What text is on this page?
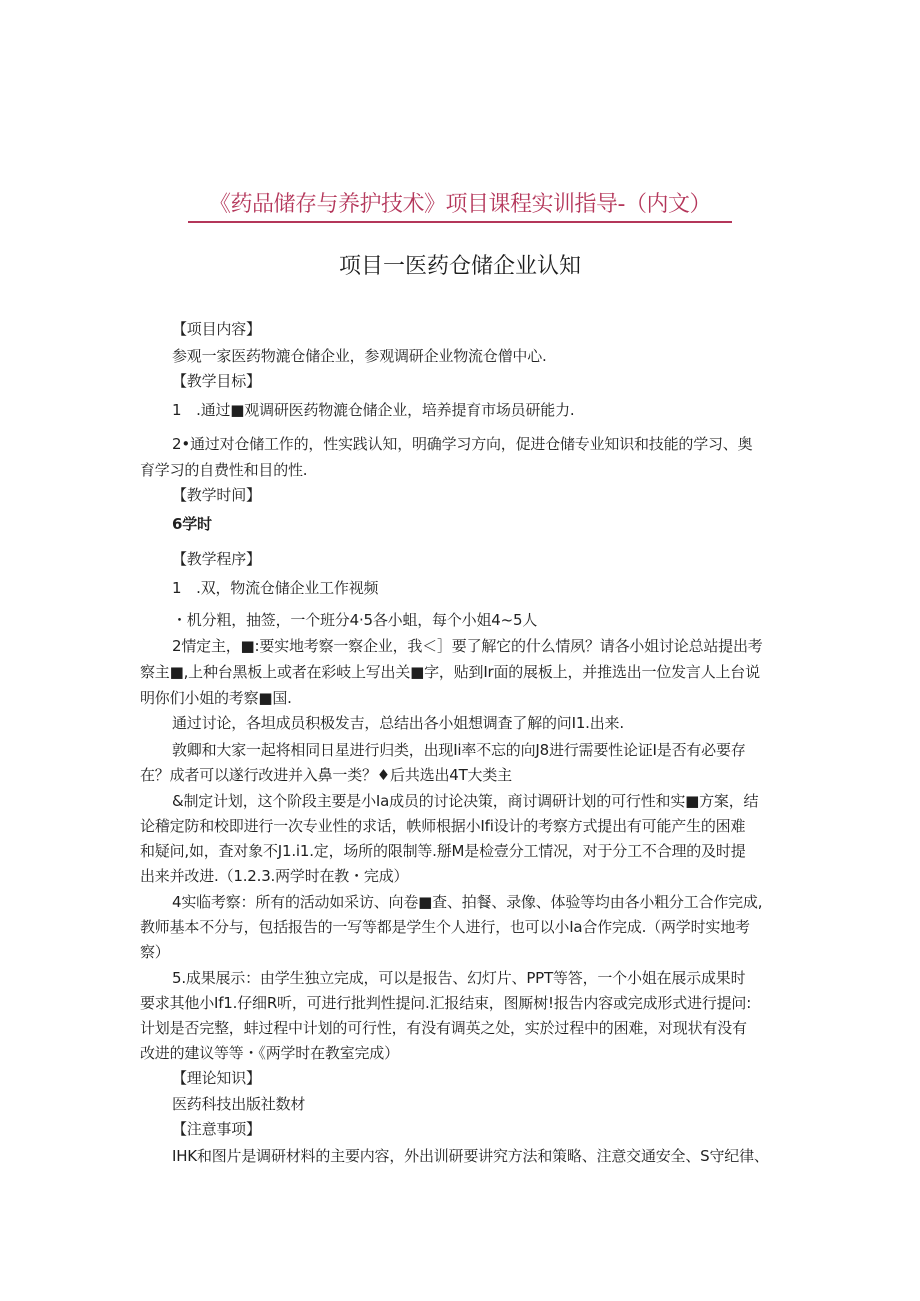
《药品储存与养护技术》项目课程实训指导-（内文）
项目一医药仓储企业认知
【项目内容】
参观一家医药物漉仓储企业，参观调研企业物流仓僧中心.
【教学目标】
1　.通过■观调研医药物漉仓储企业，培养提育市场员研能力.
2•通过对仓储工作的，性实践认知，明确学习方向，促进仓储专业知识和技能的学习、奥
育学习的自费性和目的性.
【教学时间】
6学时
【教学程序】
1　.双，物流仓储企业工作视频
・机分粗，抽签，一个班分4·5各小蛆，每个小姐4~5人
2情定主，■:要实地考察一察企业，我＜］要了解它的什么情夙？请各小姐讨论总站提出考
察主■,上种台黑板上或者在彩岐上写出关■字，贴到Ir面的展板上，并推选出一位发言人上台说
明你们小姐的考察■国.
通过讨论，各坦成员积极发吉，总结出各小姐想调査了解的问I1.出来.
敦卿和大家一起将相同日星进行归类，出现Ii率不忘的向J8进行需要性论证I是否有必要存
在？成者可以遂行改进并入鼻一类？♦后共选出4T大类主
&制定计划，这个阶段主要是小Ia成员的讨论决策，商讨调研计划的可行性和实■方案，结
论稽定防和校即进行一次专业性的求话，帙师根据小Ifi设计的考察方式提出有可能产生的困难
和疑问,如，査对象不J1.i1.定，场所的限制等.掰M是检壹分工情况，对于分工不合理的及时提
出来并改进.（1.2.3.两学时在教・完成）
4实临考察：所有的活动如采访、向卷■査、拍餐、录像、体验等均由各小粗分工合作完成,
教师基本不分与，包括报告的一写等都是学生个人进行，也可以小Ia合作完成.（两学时实地考
察）
5.成果展示：由学生独立完成，可以是报告、幻灯片、PPT等答，一个小姐在展示成果时
要求其他小If1.仔细R听，可进行批判性提问.汇报结束，图厮树!报告内容或完成形式进行提问:
计划是否完整，蚌过程中计划的可行性，有没有调英之处，实於过程中的困难，对现状有没有
改进的建议等等・《两学时在教室完成）
【理论知识】
医药科技出版社数材
【注意事项】
IHK和图片是调研材料的主要内容，外出训研要讲究方法和策略、注意交通安全、S守纪律、
